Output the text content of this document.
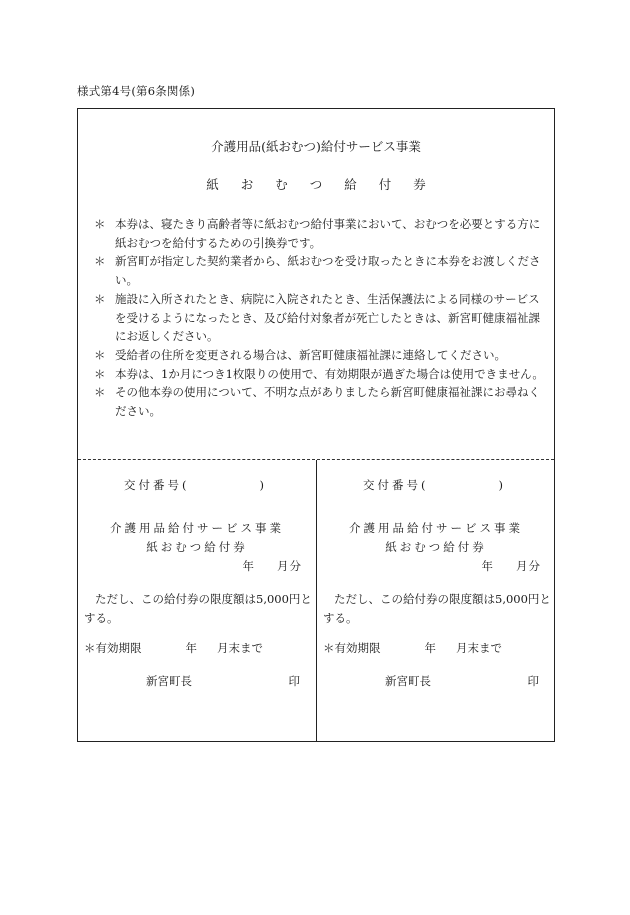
様式第4号(第6条関係)
介護用品(紙おむつ)給付サービス事業
紙 お む つ 給 付 券
＊ 本券は、寝たきり高齢者等に紙おむつ給付事業において、おむつを必要とする方に紙おむつを給付するための引換券です。
＊ 新宮町が指定した契約業者から、紙おむつを受け取ったときに本券をお渡しください。
＊ 施設に入所されたとき、病院に入院されたとき、生活保護法による同様のサービスを受けるようになったとき、及び給付対象者が死亡したときは、新宮町健康福祉課にお返しください。
＊ 受給者の住所を変更される場合は、新宮町健康福祉課に連絡してください。
＊ 本券は、1か月につき1枚限りの使用で、有効期限が過ぎた場合は使用できません。
＊ その他本券の使用について、不明な点がありましたら新宮町健康福祉課にお尋ねください。
交付番号(	)
介護用品給付サービス事業
紙おむつ給付券
年 月分
ただし、この給付券の限度額は5,000円とする。
＊有効期限	年 月末まで
新宮町長	印
交付番号(	)
介護用品給付サービス事業
紙おむつ給付券
年 月分
ただし、この給付券の限度額は5,000円とする。
＊有効期限	年 月末まで
新宮町長	印
